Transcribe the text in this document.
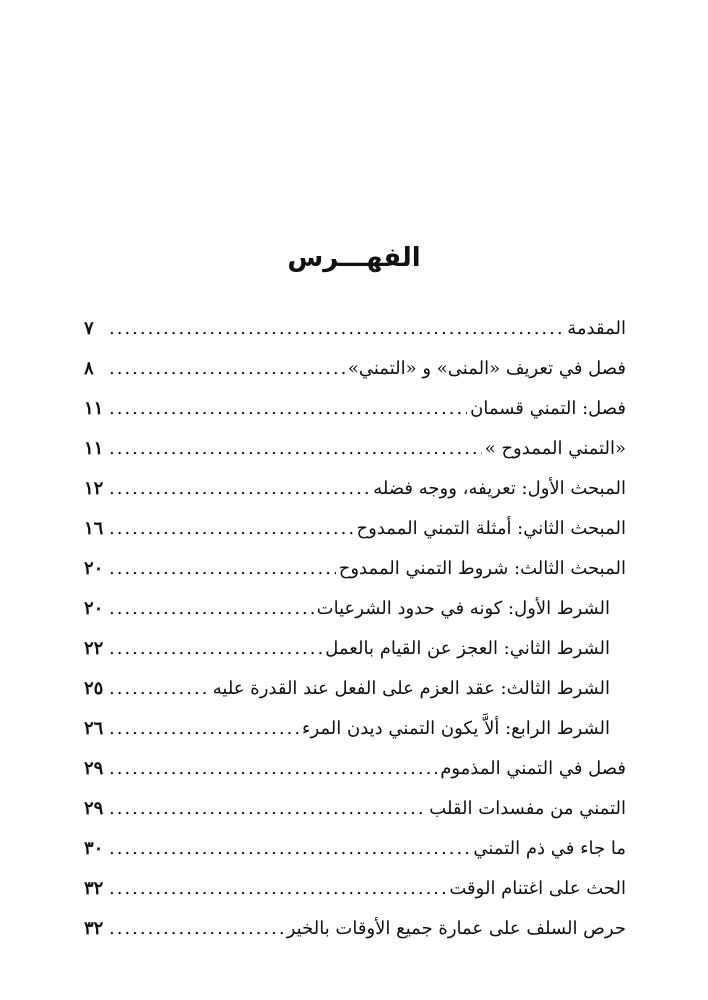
الفهـــرس
المقدمة
.....
٧
فصل في تعريف «المنى» و «التمني»
.....
٨
فصل: التمني قسمان
.....
١١
«التمني الممدوح »
.....
١١
المبحث الأول: تعريفه، ووجه فضله
.....
١٢
المبحث الثاني: أمثلة التمني الممدوح
.....
١٦
المبحث الثالث: شروط التمني الممدوح
.....
٢٠
الشرط الأول: كونه في حدود الشرعيات
.....
٢٠
الشرط الثاني: العجز عن القيام بالعمل
.....
٢٢
الشرط الثالث: عقد العزم على الفعل عند القدرة عليه
.....
٢٥
الشرط الرابع: ألاَّ يكون التمني ديدن المرء
.....
٢٦
فصل في التمني المذموم
.....
٢٩
التمني من مفسدات القلب
.....
٢٩
ما جاء في ذم التمني
.....
٣٠
الحث على اغتنام الوقت
.....
٣٢
حرص السلف على عمارة جميع الأوقات بالخير
.....
٣٢
